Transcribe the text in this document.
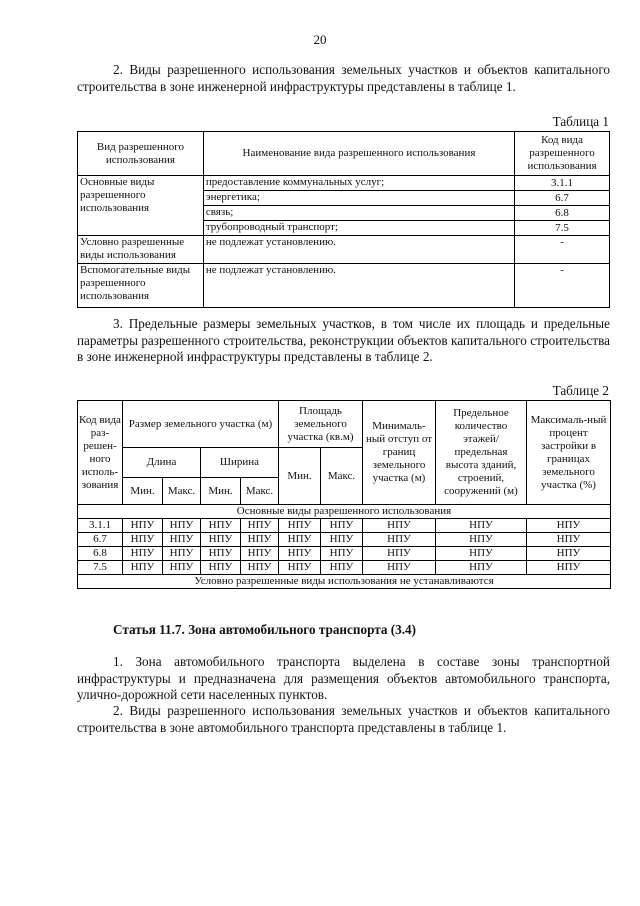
20

2. Виды разрешенного использования земельных участков и объектов капитального строительства в зоне инженерной инфраструктуры представлены в таблице 1.

Таблица 1
Вид разрешенного использования	Наименование вида разрешенного использования	Код вида разрешенного использования
Основные виды разрешенного использования	предоставление коммунальных услуг;	3.1.1
	энергетика;	6.7
	связь;	6.8
	трубопроводный транспорт;	7.5
Условно разрешенные виды использования	не подлежат установлению.	-
Вспомогательные виды разрешенного использования	не подлежат установлению.	-

3. Предельные размеры земельных участков, в том числе их площадь и предельные параметры разрешенного строительства, реконструкции объектов капитального строительства в зоне инженерной инфраструктуры представлены в таблице 2.

Таблице 2
Код вида раз-решен-ного исполь-зования	Размер земельного участка (м)				Площадь земельного участка (кв.м)		Минималь-ный отступ от границ земельного участка (м)	Предельное количество этажей/ предельная высота зданий, строений, сооружений (м)	Максималь-ный процент застройки в границах земельного участка (%)
	Длина		Ширина		Мин.	Макс.			
	Мин.	Макс.	Мин.	Макс.					
Основные виды разрешенного использования									
3.1.1	НПУ	НПУ	НПУ	НПУ	НПУ	НПУ	НПУ	НПУ	НПУ
6.7	НПУ	НПУ	НПУ	НПУ	НПУ	НПУ	НПУ	НПУ	НПУ
6.8	НПУ	НПУ	НПУ	НПУ	НПУ	НПУ	НПУ	НПУ	НПУ
7.5	НПУ	НПУ	НПУ	НПУ	НПУ	НПУ	НПУ	НПУ	НПУ
Условно разрешенные виды использования не устанавливаются									
Статья 11.7. Зона автомобильного транспорта (3.4)

1. Зона автомобильного транспорта выделена в составе зоны транспортной инфраструктуры и предназначена для размещения объектов автомобильного транспорта, улично-дорожной сети населенных пунктов.

2. Виды разрешенного использования земельных участков и объектов капитального строительства в зоне автомобильного транспорта представлены в таблице 1.
